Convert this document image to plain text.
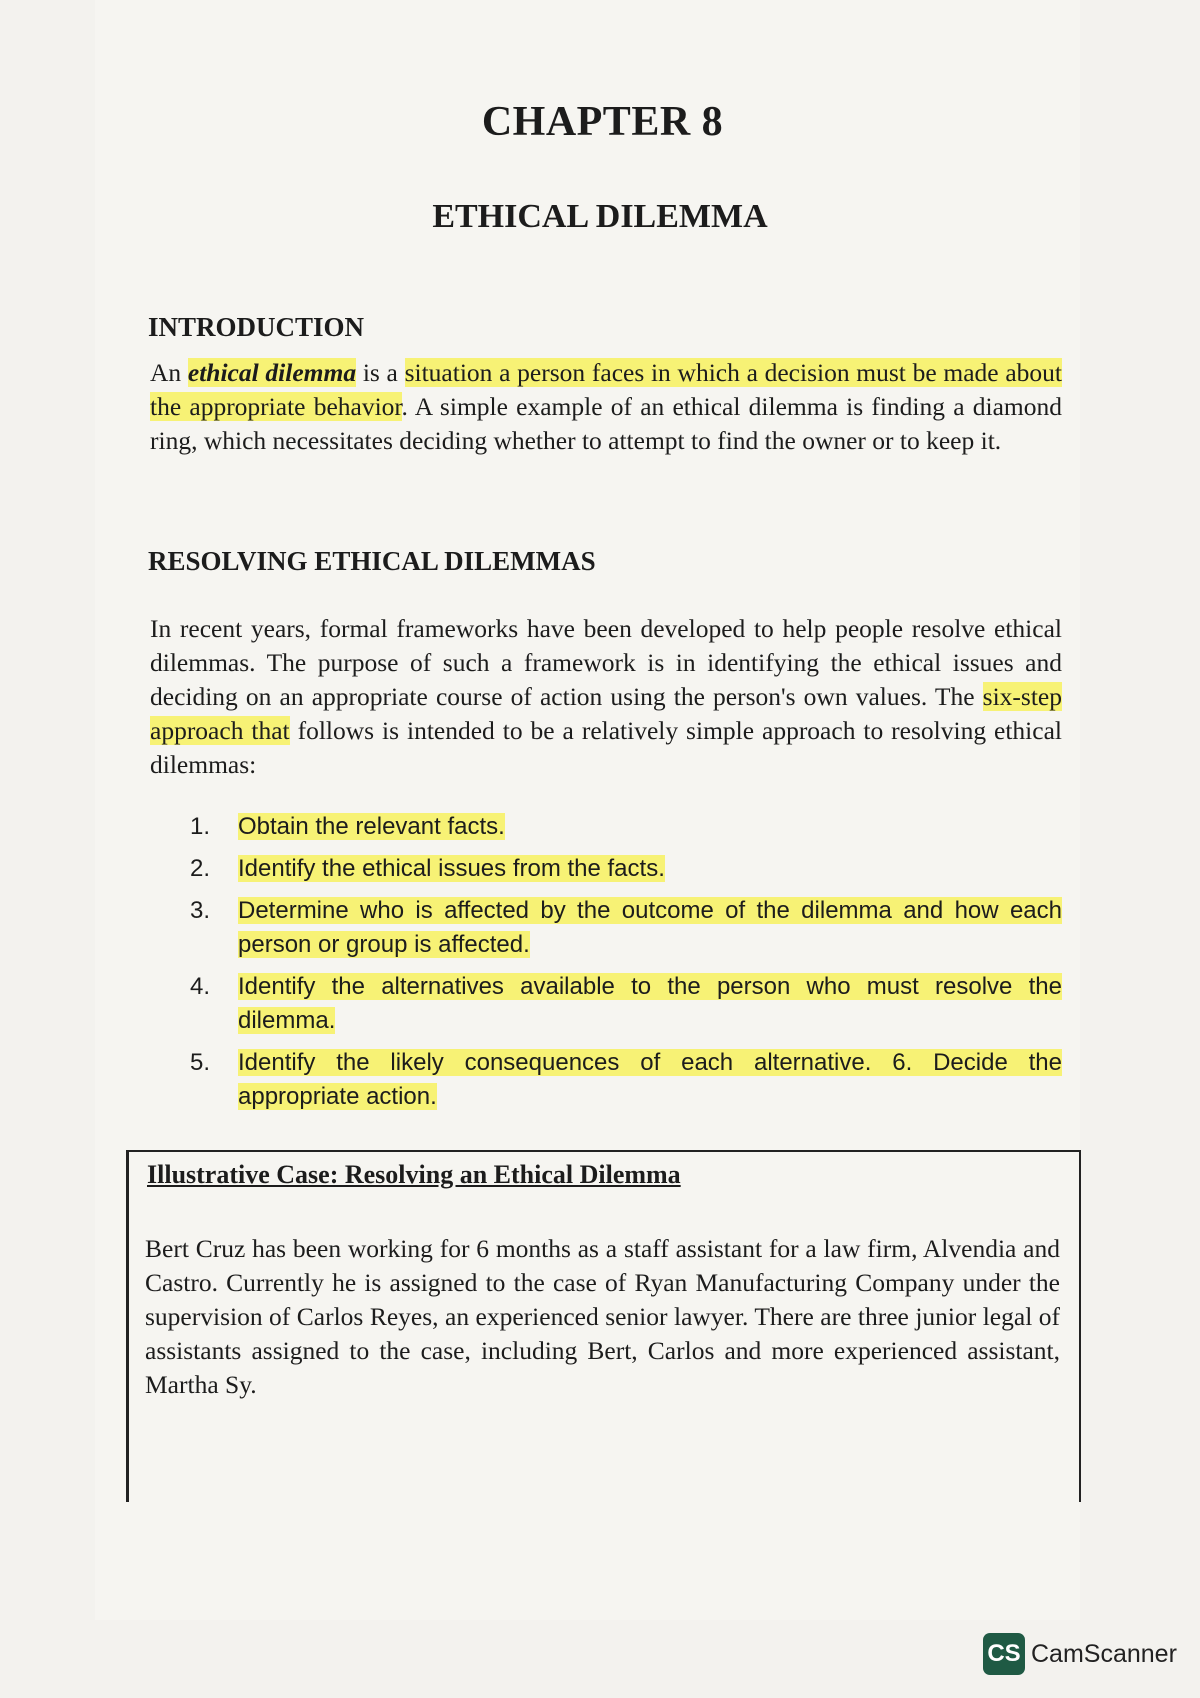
CHAPTER 8
ETHICAL DILEMMA
INTRODUCTION

An ethical dilemma is a situation a person faces in which a decision must be made about the appropriate behavior. A simple example of an ethical dilemma is finding a diamond ring, which necessitates deciding whether to attempt to find the owner or to keep it.

RESOLVING ETHICAL DILEMMAS

In recent years, formal frameworks have been developed to help people resolve ethical dilemmas. The purpose of such a framework is in identifying the ethical issues and deciding on an appropriate course of action using the person's own values. The six-step approach that follows is intended to be a relatively simple approach to resolving ethical dilemmas:

1.	Obtain the relevant facts.
2.	Identify the ethical issues from the facts.
3.	Determine who is affected by the outcome of the dilemma and how each person or group is affected.
4.	Identify the alternatives available to the person who must resolve the dilemma.
5.	Identify the likely consequences of each alternative. 6. Decide the appropriate action.
Illustrative Case: Resolving an Ethical Dilemma

Bert Cruz has been working for 6 months as a staff assistant for a law firm, Alvendia and Castro. Currently he is assigned to the case of Ryan Manufacturing Company under the supervision of Carlos Reyes, an experienced senior lawyer. There are three junior legal of assistants assigned to the case, including Bert, Carlos and more experienced assistant, Martha Sy.

CS CamScanner
